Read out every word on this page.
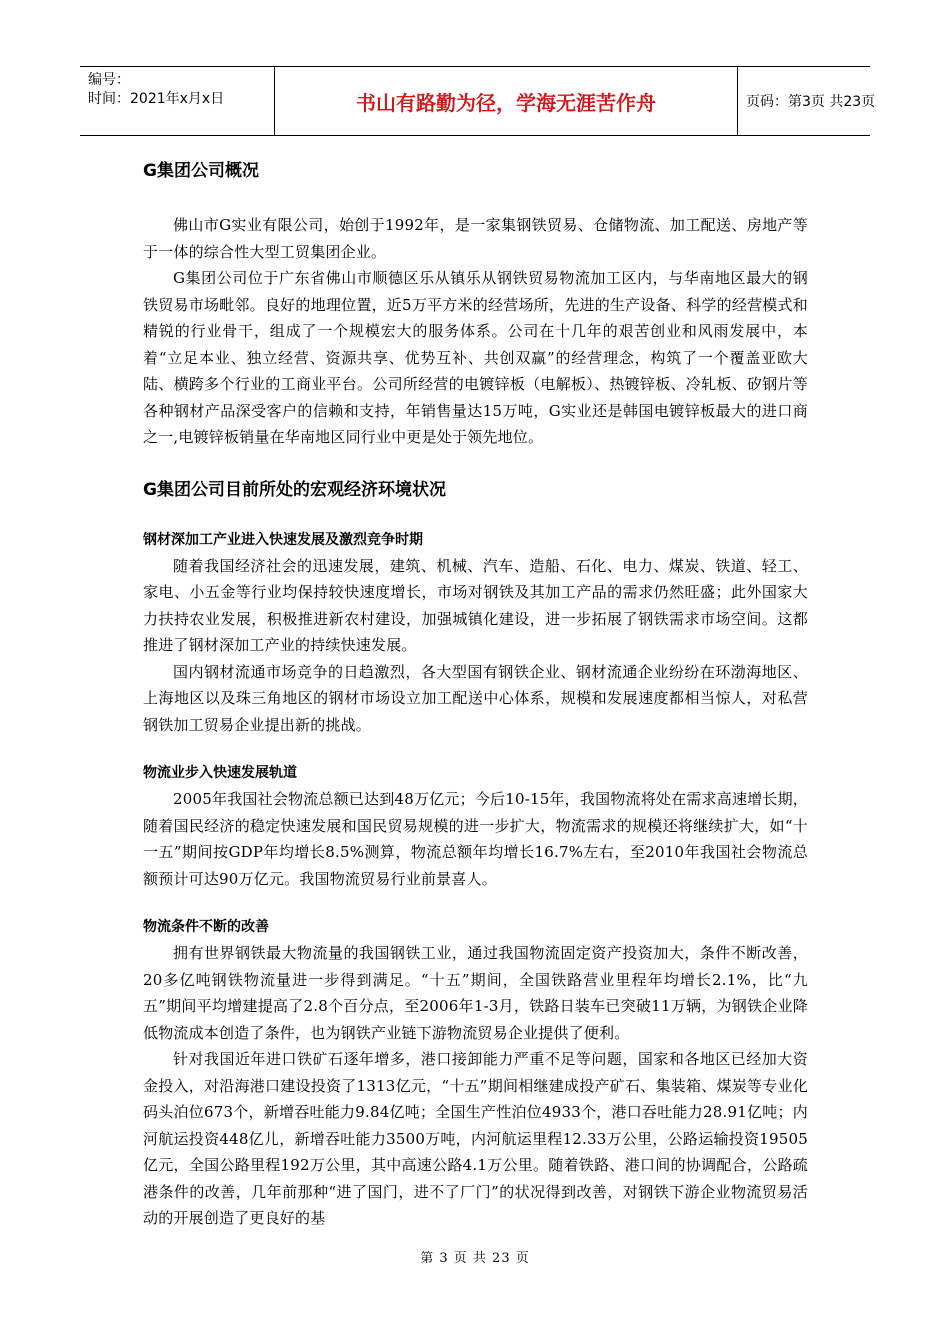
编号：
时间：2021年x月x日	书山有路勤为径，学海无涯苦作舟	页码：第3页 共23页
G集团公司概况

佛山市G实业有限公司，始创于1992年，是一家集钢铁贸易、仓储物流、加工配送、房地产等于一体的综合性大型工贸集团企业。

G集团公司位于广东省佛山市顺德区乐从镇乐从钢铁贸易物流加工区内，与华南地区最大的钢铁贸易市场毗邻。良好的地理位置，近5万平方米的经营场所，先进的生产设备、科学的经营模式和精锐的行业骨干，组成了一个规模宏大的服务体系。公司在十几年的艰苦创业和风雨发展中，本着“立足本业、独立经营、资源共享、优势互补、共创双赢”的经营理念，构筑了一个覆盖亚欧大陆、横跨多个行业的工商业平台。公司所经营的电镀锌板（电解板）、热镀锌板、冷轧板、矽钢片等各种钢材产品深受客户的信赖和支持，年销售量达15万吨，G实业还是韩国电镀锌板最大的进口商之一,电镀锌板销量在华南地区同行业中更是处于领先地位。

G集团公司目前所处的宏观经济环境状况
钢材深加工产业进入快速发展及激烈竞争时期

随着我国经济社会的迅速发展，建筑、机械、汽车、造船、石化、电力、煤炭、铁道、轻工、家电、小五金等行业均保持较快速度增长，市场对钢铁及其加工产品的需求仍然旺盛；此外国家大力扶持农业发展，积极推进新农村建设，加强城镇化建设，进一步拓展了钢铁需求市场空间。这都推进了钢材深加工产业的持续快速发展。

国内钢材流通市场竞争的日趋激烈，各大型国有钢铁企业、钢材流通企业纷纷在环渤海地区、上海地区以及珠三角地区的钢材市场设立加工配送中心体系，规模和发展速度都相当惊人，对私营钢铁加工贸易企业提出新的挑战。

物流业步入快速发展轨道

2005年我国社会物流总额已达到48万亿元；今后10-15年，我国物流将处在需求高速增长期，随着国民经济的稳定快速发展和国民贸易规模的进一步扩大，物流需求的规模还将继续扩大，如“十一五”期间按GDP年均增长8.5%测算，物流总额年均增长16.7%左右，至2010年我国社会物流总额预计可达90万亿元。我国物流贸易行业前景喜人。

物流条件不断的改善

拥有世界钢铁最大物流量的我国钢铁工业，通过我国物流固定资产投资加大，条件不断改善，20多亿吨钢铁物流量进一步得到满足。“十五”期间，全国铁路营业里程年均增长2.1%，比“九五”期间平均增建提高了2.8个百分点，至2006年1-3月，铁路日装车已突破11万辆，为钢铁企业降低物流成本创造了条件，也为钢铁产业链下游物流贸易企业提供了便利。

针对我国近年进口铁矿石逐年增多，港口接卸能力严重不足等问题，国家和各地区已经加大资金投入，对沿海港口建设投资了1313亿元，“十五”期间相继建成投产矿石、集装箱、煤炭等专业化码头泊位673个，新增吞吐能力9.84亿吨；全国生产性泊位4933个，港口吞吐能力28.91亿吨；内河航运投资448亿儿，新增吞吐能力3500万吨，内河航运里程12.33万公里，公路运输投资19505亿元，全国公路里程192万公里，其中高速公路4.1万公里。随着铁路、港口间的协调配合，公路疏港条件的改善，几年前那种“进了国门，进不了厂门”的状况得到改善，对钢铁下游企业物流贸易活动的开展创造了更良好的基

第 3 页 共 23 页
